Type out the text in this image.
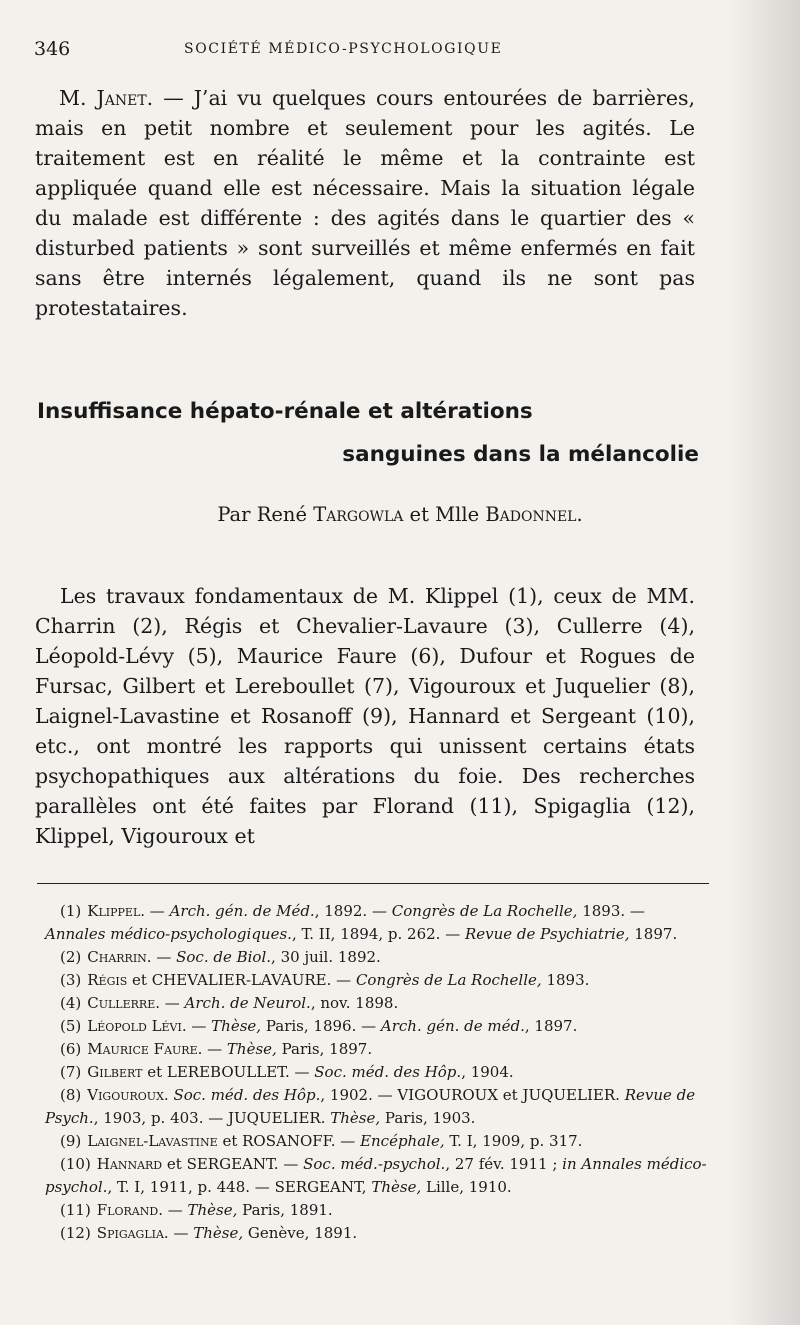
346	SOCIÉTÉ MÉDICO-PSYCHOLOGIQUE

M. Janet. — J’ai vu quelques cours entourées de barrières, mais en petit nombre et seulement pour les agités. Le traitement est en réalité le même et la contrainte est appliquée quand elle est nécessaire. Mais la situation légale du malade est différente : des agités dans le quartier des « disturbed patients » sont surveillés et même enfermés en fait sans être internés légalement, quand ils ne sont pas protestataires.

Insuffisance hépato-rénale et altérations
sanguines dans la mélancolie
Par René Targowla et Mlle Badonnel.

Les travaux fondamentaux de M. Klippel (1), ceux de MM. Charrin (2), Régis et Chevalier-Lavaure (3), Cullerre (4), Léopold-Lévy (5), Maurice Faure (6), Dufour et Rogues de Fursac, Gilbert et Lereboullet (7), Vigouroux et Juquelier (8), Laignel-Lavastine et Rosanoff (9), Hannard et Sergeant (10), etc., ont montré les rapports qui unissent certains états psychopathiques aux altérations du foie. Des recherches parallèles ont été faites par Florand (11), Spigaglia (12), Klippel, Vigouroux et

(1) Klippel. — Arch. gén. de Méd., 1892. — Congrès de La Rochelle, 1893. — Annales médico-psychologiques., T. II, 1894, p. 262. — Revue de Psychiatrie, 1897.

(2) Charrin. — Soc. de Biol., 30 juil. 1892.

(3) Régis et CHEVALIER-LAVAURE. — Congrès de La Rochelle, 1893.

(4) Cullerre. — Arch. de Neurol., nov. 1898.

(5) Léopold Lévi. — Thèse, Paris, 1896. — Arch. gén. de méd., 1897.

(6) Maurice Faure. — Thèse, Paris, 1897.

(7) Gilbert et LEREBOULLET. — Soc. méd. des Hôp., 1904.

(8) Vigouroux. Soc. méd. des Hôp., 1902. — VIGOUROUX et JUQUELIER. Revue de Psych., 1903, p. 403. — JUQUELIER. Thèse, Paris, 1903.

(9) Laignel-Lavastine et ROSANOFF. — Encéphale, T. I, 1909, p. 317.

(10) Hannard et SERGEANT. — Soc. méd.-psychol., 27 fév. 1911 ; in Annales médico-psychol., T. I, 1911, p. 448. — SERGEANT, Thèse, Lille, 1910.

(11) Florand. — Thèse, Paris, 1891.

(12) Spigaglia. — Thèse, Genève, 1891.
